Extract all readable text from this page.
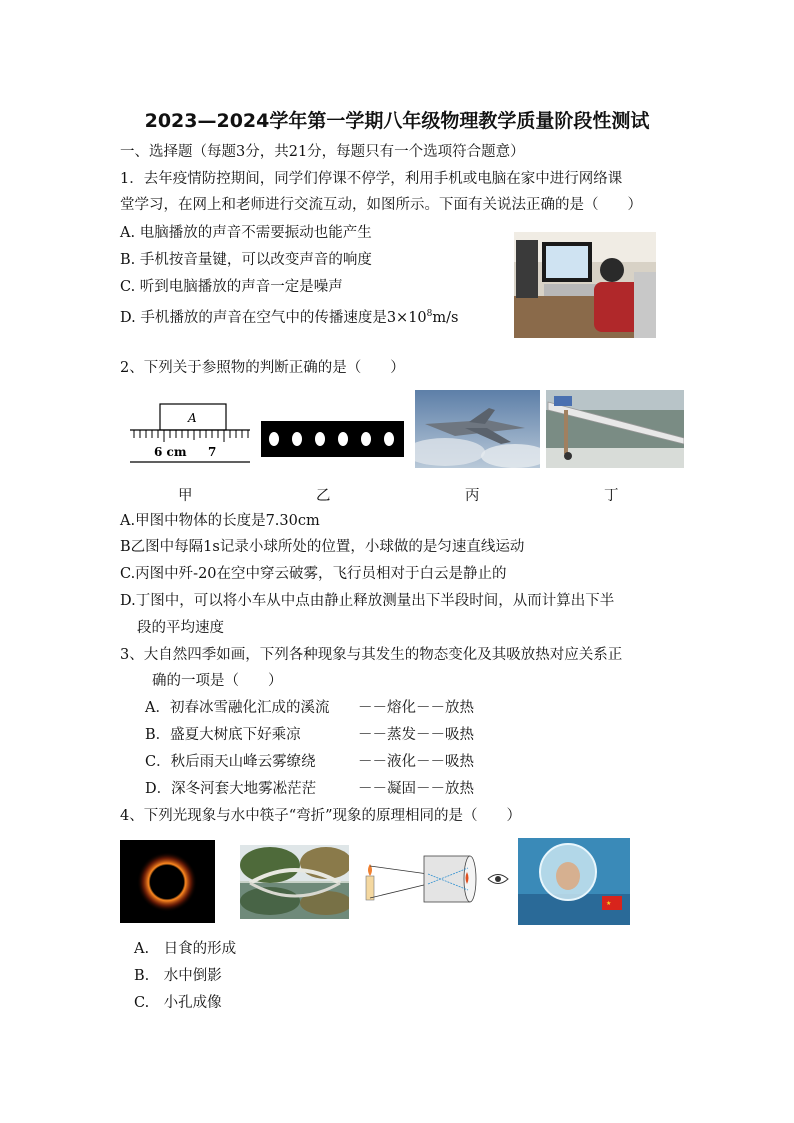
2023—2024学年第一学期八年级物理教学质量阶段性测试
一、选择题（每题3分，共21分，每题只有一个选项符合题意）
1．去年疫情防控期间，同学们停课不停学，利用手机或电脑在家中进行网络课
堂学习，在网上和老师进行交流互动，如图所示。下面有关说法正确的是（　　）
A. 电脑播放的声音不需要振动也能产生
B. 手机按音量键，可以改变声音的响度
C. 听到电脑播放的声音一定是噪声
D. 手机播放的声音在空气中的传播速度是$3\times 10^8m/s$
2、下列关于参照物的判断正确的是（　　）
A
6 cm 7
甲	乙	丙	丁
A.甲图中物体的长度是7.30cm
B乙图中每隔1s记录小球所处的位置，小球做的是匀速直线运动
C.丙图中歼-20在空中穿云破雾，飞行员相对于白云是静止的
D.丁图中，可以将小车从中点由静止释放测量出下半段时间，从而计算出下半
段的平均速度
3、大自然四季如画，下列各种现象与其发生的物态变化及其吸放热对应关系正
确的一项是（　　）
A．初春冰雪融化汇成的溪流 －－熔化－－放热
B．盛夏大树底下好乘凉	－－蒸发－－吸热
C．秋后雨天山峰云雾缭绕	－－液化－－吸热
D．深冬河套大地雾凇茫茫	－－凝固－－放热
4、下列光现象与水中筷子“弯折”现象的原理相同的是（　　）
★
A.　日食的形成
B.　水中倒影
C.　小孔成像
